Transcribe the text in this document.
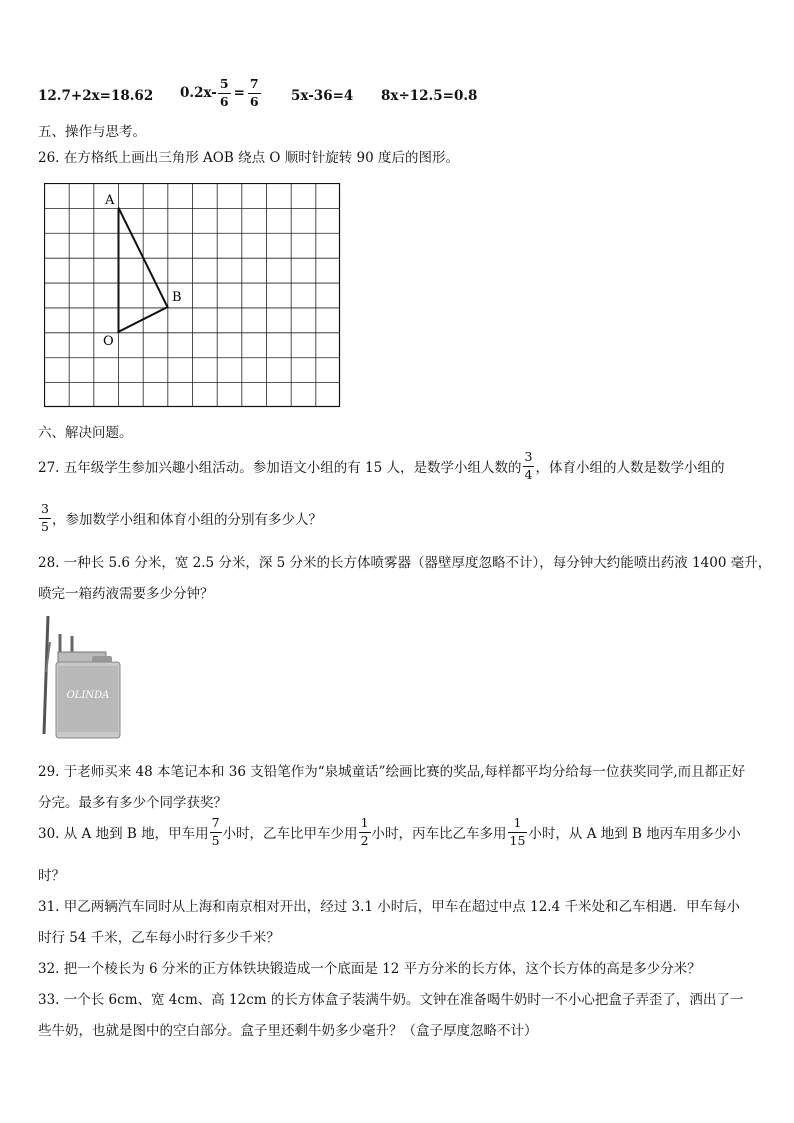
12.7+2x=18.62 $0.2x- \frac{5}{6} = \frac{7}{6} 5x-36=4$ 8x÷12.5=0.8
五、操作与思考。
26. 在方格纸上画出三角形 AOB 绕点 O 顺时针旋转 90 度后的图形。
A
B
O
六、解决问题。
27. 五年级学生参加兴趣小组活动。参加语文小组的有 15 人，是数学小组人数的 $\frac{3}{4}$ ，体育小组的人数是数学小组的
$\frac{3}{5}$ ，参加数学小组和体育小组的分别有多少人？
28. 一种长 5.6 分米，宽 2.5 分米，深 5 分米的长方体喷雾器（器壁厚度忽略不计），每分钟大约能喷出药液 1400 毫升，
喷完一箱药液需要多少分钟？
OLINDA
29. 于老师买来 48 本笔记本和 36 支铅笔作为“泉城童话”绘画比赛的奖品,每样都平均分给每一位获奖同学,而且都正好
分完。最多有多少个同学获奖？
30. 从 A 地到 B 地，甲车用 $\frac{7}{5}$ 小时，乙车比甲车少用 $\frac{1}{2}$ 小时，丙车比乙车多用 $\frac{1}{15}$ 小时，从 A 地到 B 地丙车用多少小
时？
31. 甲乙两辆汽车同时从上海和南京相对开出，经过 3.1 小时后，甲车在超过中点 12.4 千米处和乙车相遇．甲车每小
时行 54 千米，乙车每小时行多少千米？
32. 把一个棱长为 6 分米的正方体铁块锻造成一个底面是 12 平方分米的长方体，这个长方体的高是多少分米？
33. 一个长 6cm、宽 4cm、高 12cm 的长方体盒子装满牛奶。文钟在准备喝牛奶时一不小心把盒子弄歪了，洒出了一
些牛奶，也就是图中的空白部分。盒子里还剩牛奶多少毫升？（盒子厚度忽略不计）
